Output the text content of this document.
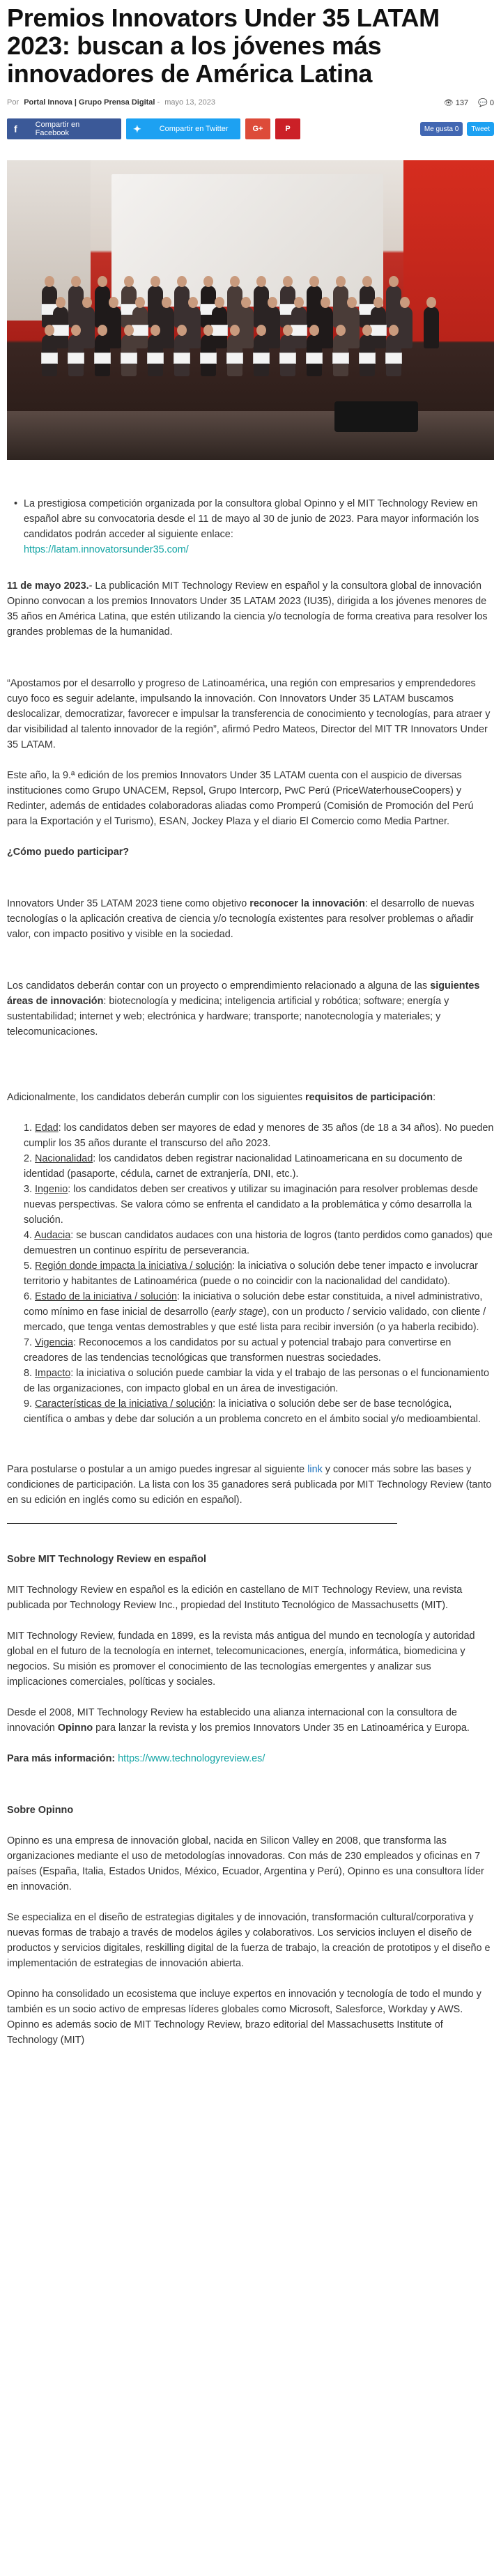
Premios Innovators Under 35 LATAM 2023: buscan a los jóvenes más innovadores de América Latina
Por Portal Innova | Grupo Prensa Digital - mayo 13, 2023	👁 137 💬 0
f Compartir en Facebook	✦ Compartir en Twitter	G+	P	Me gusta 0	Tweet
• La prestigiosa competición organizada por la consultora global Opinno y el MIT Technology Review en español abre su convocatoria desde el 11 de mayo al 30 de junio de 2023. Para mayor información los candidatos podrán acceder al siguiente enlace:
https://latam.innovatorsunder35.com/

11 de mayo 2023.- La publicación MIT Technology Review en español y la consultora global de innovación Opinno convocan a los premios Innovators Under 35 LATAM 2023 (IU35), dirigida a los jóvenes menores de 35 años en América Latina, que estén utilizando la ciencia y/o tecnología de forma creativa para resolver los grandes problemas de la humanidad.

“Apostamos por el desarrollo y progreso de Latinoamérica, una región con empresarios y emprendedores cuyo foco es seguir adelante, impulsando la innovación. Con Innovators Under 35 LATAM buscamos deslocalizar, democratizar, favorecer e impulsar la transferencia de conocimiento y tecnologías, para atraer y dar visibilidad al talento innovador de la región”, afirmó Pedro Mateos, Director del MIT TR Innovators Under 35 LATAM.

Este año, la 9.ª edición de los premios Innovators Under 35 LATAM cuenta con el auspicio de diversas instituciones como Grupo UNACEM, Repsol, Grupo Intercorp, PwC Perú (PriceWaterhouseCoopers) y Redinter, además de entidades colaboradoras aliadas como Promperú (Comisión de Promoción del Perú para la Exportación y el Turismo), ESAN, Jockey Plaza y el diario El Comercio como Media Partner.

¿Cómo puedo participar?

Innovators Under 35 LATAM 2023 tiene como objetivo reconocer la innovación: el desarrollo de nuevas tecnologías o la aplicación creativa de ciencia y/o tecnología existentes para resolver problemas o añadir valor, con impacto positivo y visible en la sociedad.

Los candidatos deberán contar con un proyecto o emprendimiento relacionado a alguna de las siguientes áreas de innovación: biotecnología y medicina; inteligencia artificial y robótica; software; energía y sustentabilidad; internet y web; electrónica y hardware; transporte; nanotecnología y materiales; y telecomunicaciones.

Adicionalmente, los candidatos deberán cumplir con los siguientes requisitos de participación:

1. Edad: los candidatos deben ser mayores de edad y menores de 35 años (de 18 a 34 años). No pueden cumplir los 35 años durante el transcurso del año 2023.
2. Nacionalidad: los candidatos deben registrar nacionalidad Latinoamericana en su documento de identidad (pasaporte, cédula, carnet de extranjería, DNI, etc.).
3. Ingenio: los candidatos deben ser creativos y utilizar su imaginación para resolver problemas desde nuevas perspectivas. Se valora cómo se enfrenta el candidato a la problemática y cómo desarrolla la solución.
4. Audacia: se buscan candidatos audaces con una historia de logros (tanto perdidos como ganados) que demuestren un continuo espíritu de perseverancia.
5. Región donde impacta la iniciativa / solución: la iniciativa o solución debe tener impacto e involucrar territorio y habitantes de Latinoamérica (puede o no coincidir con la nacionalidad del candidato).
6. Estado de la iniciativa / solución: la iniciativa o solución debe estar constituida, a nivel administrativo, como mínimo en fase inicial de desarrollo (early stage), con un producto / servicio validado, con cliente / mercado, que tenga ventas demostrables y que esté lista para recibir inversión (o ya haberla recibido).
7. Vigencia: Reconocemos a los candidatos por su actual y potencial trabajo para convertirse en creadores de las tendencias tecnológicas que transformen nuestras sociedades.
8. Impacto: la iniciativa o solución puede cambiar la vida y el trabajo de las personas o el funcionamiento de las organizaciones, con impacto global en un área de investigación.
9. Características de la iniciativa / solución: la iniciativa o solución debe ser de base tecnológica, científica o ambas y debe dar solución a un problema concreto en el ámbito social y/o medioambiental.

Para postularse o postular a un amigo puedes ingresar al siguiente link y conocer más sobre las bases y condiciones de participación. La lista con los 35 ganadores será publicada por MIT Technology Review (tanto en su edición en inglés como su edición en español).

Sobre MIT Technology Review en español

MIT Technology Review en español es la edición en castellano de MIT Technology Review, una revista publicada por Technology Review Inc., propiedad del Instituto Tecnológico de Massachusetts (MIT).

MIT Technology Review, fundada en 1899, es la revista más antigua del mundo en tecnología y autoridad global en el futuro de la tecnología en internet, telecomunicaciones, energía, informática, biomedicina y negocios. Su misión es promover el conocimiento de las tecnologías emergentes y analizar sus implicaciones comerciales, políticas y sociales.

Desde el 2008, MIT Technology Review ha establecido una alianza internacional con la consultora de innovación Opinno para lanzar la revista y los premios Innovators Under 35 en Latinoamérica y Europa.

Para más información: https://www.technologyreview.es/

Sobre Opinno

Opinno es una empresa de innovación global, nacida en Silicon Valley en 2008, que transforma las organizaciones mediante el uso de metodologías innovadoras. Con más de 230 empleados y oficinas en 7 países (España, Italia, Estados Unidos, México, Ecuador, Argentina y Perú), Opinno es una consultora líder en innovación.

Se especializa en el diseño de estrategias digitales y de innovación, transformación cultural/corporativa y nuevas formas de trabajo a través de modelos ágiles y colaborativos. Los servicios incluyen el diseño de productos y servicios digitales, reskilling digital de la fuerza de trabajo, la creación de prototipos y el diseño e implementación de estrategias de innovación abierta.

Opinno ha consolidado un ecosistema que incluye expertos en innovación y tecnología de todo el mundo y también es un socio activo de empresas líderes globales como Microsoft, Salesforce, Workday y AWS. Opinno es además socio de MIT Technology Review, brazo editorial del Massachusetts Institute of Technology (MIT)
